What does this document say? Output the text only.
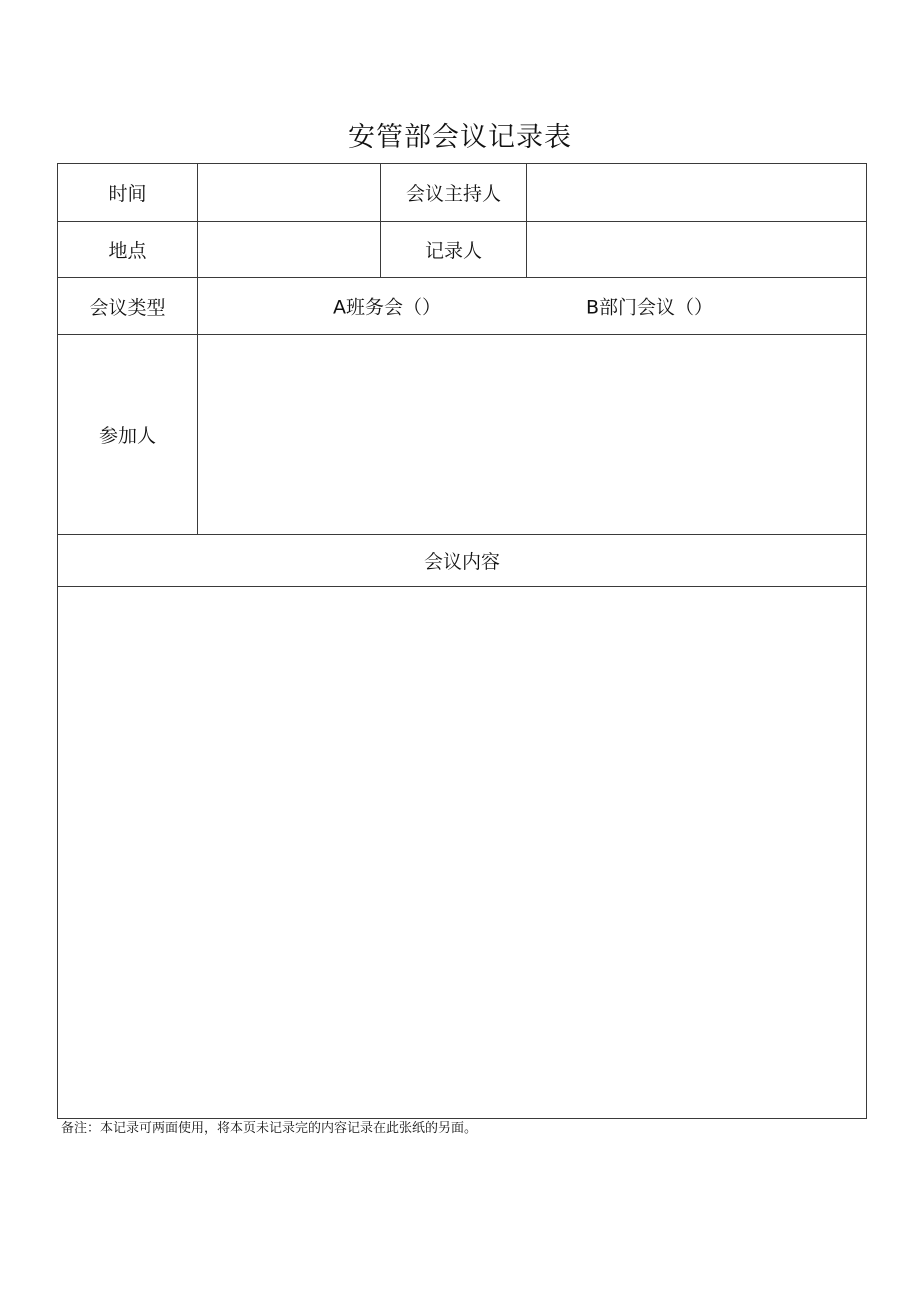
安管部会议记录表
时间		会议主持人	
地点		记录人	
会议类型	A班务会（） B部门会议（）		

参加人			
会议内容			

备注：本记录可两面使用，将本页未记录完的内容记录在此张纸的另面。
